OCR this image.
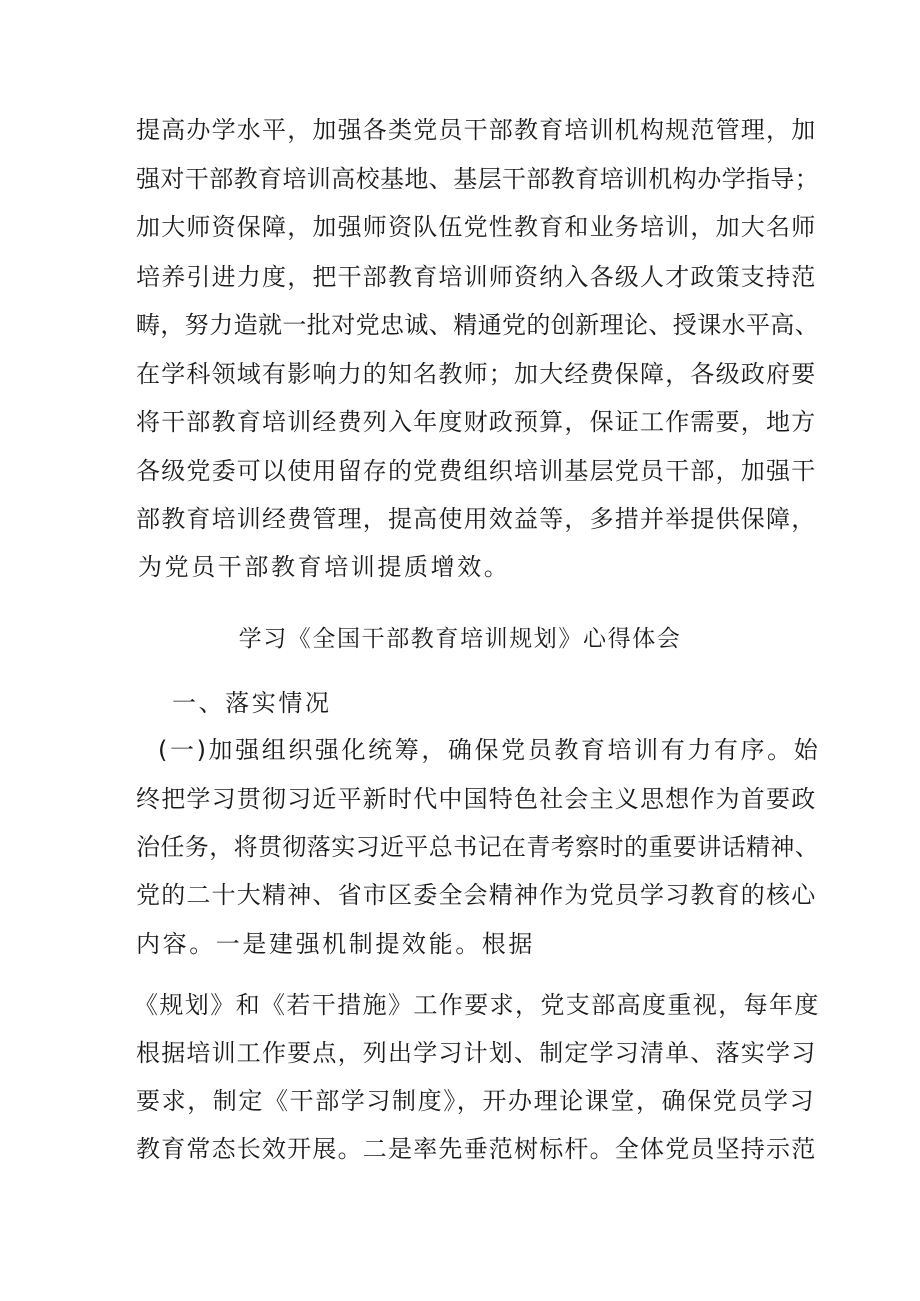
提高办学水平，加强各类党员干部教育培训机构规范管理，加
强对干部教育培训高校基地、基层干部教育培训机构办学指导；
加大师资保障，加强师资队伍党性教育和业务培训，加大名师
培养引进力度，把干部教育培训师资纳入各级人才政策支持范
畴，努力造就一批对党忠诚、精通党的创新理论、授课水平高、
在学科领域有影响力的知名教师；加大经费保障，各级政府要
将干部教育培训经费列入年度财政预算，保证工作需要，地方
各级党委可以使用留存的党费组织培训基层党员干部，加强干
部教育培训经费管理，提高使用效益等，多措并举提供保障，
为党员干部教育培训提质增效。
学习《全国干部教育培训规划》心得体会
一、落实情况
(一)加强组织强化统筹，确保党员教育培训有力有序。始
终把学习贯彻习近平新时代中国特色社会主义思想作为首要政
治任务，将贯彻落实习近平总书记在青考察时的重要讲话精神、
党的二十大精神、省市区委全会精神作为党员学习教育的核心
内容。一是建强机制提效能。根据
《规划》和《若干措施》工作要求，党支部高度重视，每年度
根据培训工作要点，列出学习计划、制定学习清单、落实学习
要求，制定《干部学习制度》，开办理论课堂，确保党员学习
教育常态长效开展。二是率先垂范树标杆。全体党员坚持示范
